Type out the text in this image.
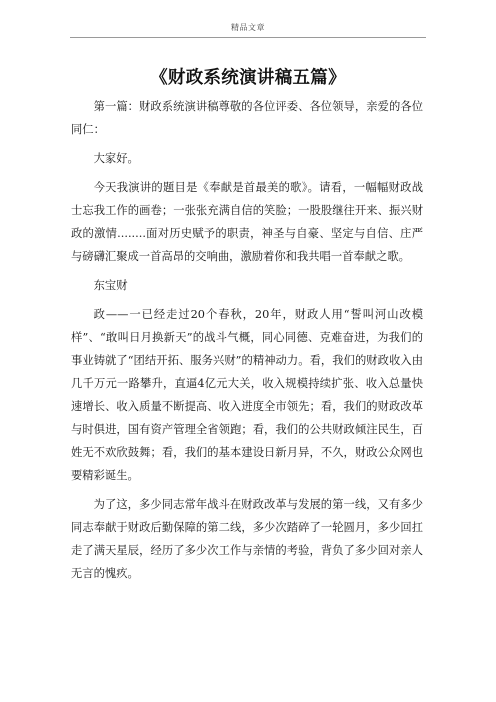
精品文章
《财政系统演讲稿五篇》

第一篇：财政系统演讲稿尊敬的各位评委、各位领导，亲爱的各位同仁：

大家好。

今天我演讲的题目是《奉献是首最美的歌》。请看，一幅幅财政战士忘我工作的画卷；一张张充满自信的笑脸；一股股继往开来、振兴财政的激情........面对历史赋予的职责，神圣与自豪、坚定与自信、庄严与磅礴汇聚成一首高昂的交响曲，激励着你和我共唱一首奉献之歌。

东宝财

政——一已经走过20个春秋，20年，财政人用“誓叫河山改模样”、“敢叫日月换新天”的战斗气概，同心同德、克难奋进，为我们的事业铸就了“团结开拓、服务兴财”的精神动力。看，我们的财政收入由几千万元一路攀升，直逼4亿元大关，收入规模持续扩张、收入总量快速增长、收入质量不断提高、收入进度全市领先；看，我们的财政改革与时俱进，国有资产管理全省领跑；看，我们的公共财政倾注民生，百姓无不欢欣鼓舞；看，我们的基本建设日新月异，不久，财政公众网也要精彩诞生。

为了这，多少同志常年战斗在财政改革与发展的第一线，又有多少同志奉献于财政后勤保障的第二线，多少次踏碎了一轮圆月，多少回扛走了满天星辰，经历了多少次工作与亲情的考验，背负了多少回对亲人无言的愧疚。
